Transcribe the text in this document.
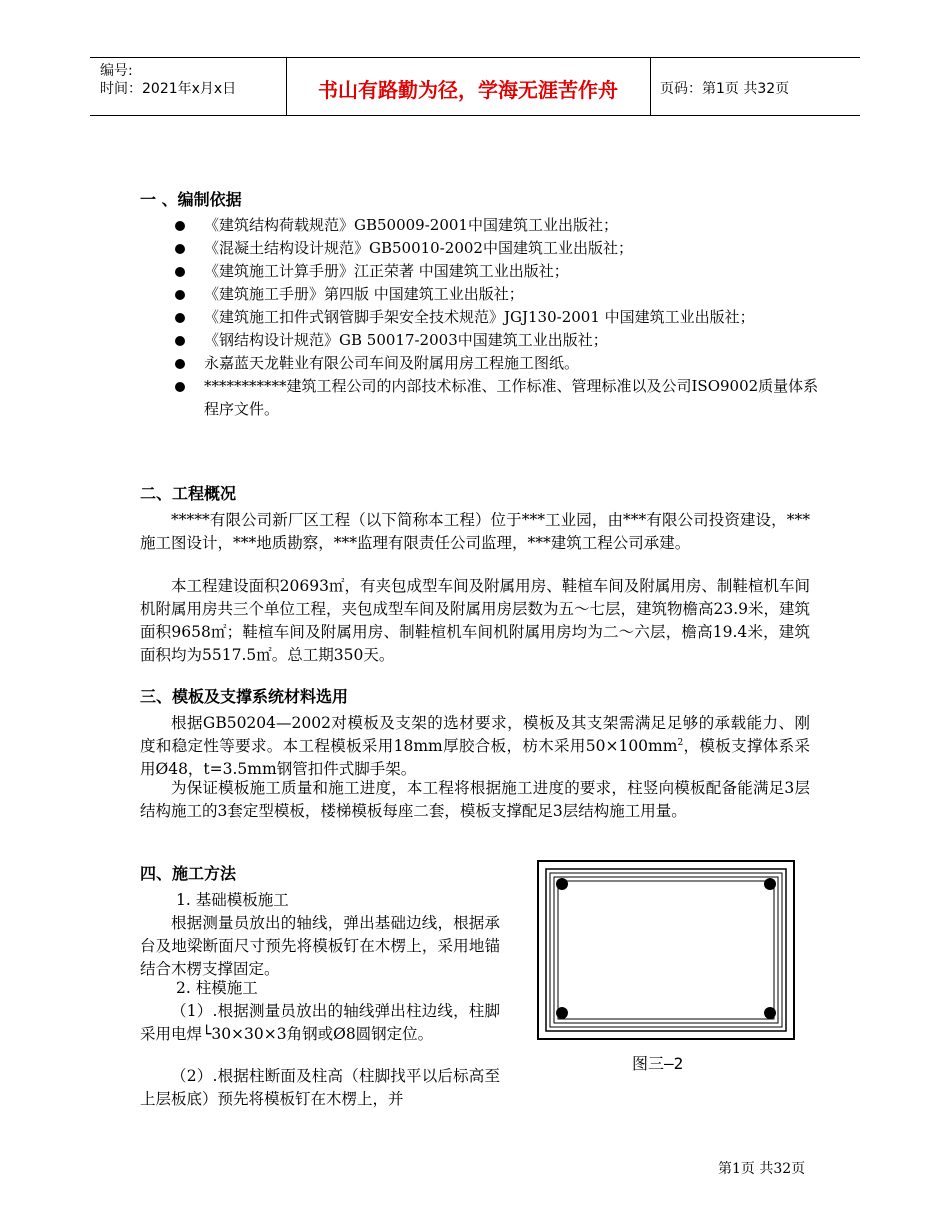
编号:
时间：2021年x月x日	书山有路勤为径，学海无涯苦作舟	页码：第1页 共32页
一 、编制依据
《建筑结构荷载规范》GB50009-2001中国建筑工业出版社；
《混凝土结构设计规范》GB50010-2002中国建筑工业出版社；
《建筑施工计算手册》江正荣著 中国建筑工业出版社；
《建筑施工手册》第四版 中国建筑工业出版社；
《建筑施工扣件式钢管脚手架安全技术规范》JGJ130-2001 中国建筑工业出版社；
《钢结构设计规范》GB 50017-2003中国建筑工业出版社；
永嘉蓝天龙鞋业有限公司车间及附属用房工程施工图纸。
***********建筑工程公司的内部技术标准、工作标准、管理标准以及公司ISO9002质量体系程序文件。
二、工程概况

*****有限公司新厂区工程（以下简称本工程）位于***工业园，由***有限公司投资建设，***施工图设计，***地质勘察，***监理有限责任公司监理，***建筑工程公司承建。

本工程建设面积20693㎡，有夹包成型车间及附属用房、鞋楦车间及附属用房、制鞋楦机车间机附属用房共三个单位工程，夹包成型车间及附属用房层数为五～七层，建筑物檐高23.9米，建筑面积9658㎡；鞋楦车间及附属用房、制鞋楦机车间机附属用房均为二～六层，檐高19.4米，建筑面积均为5517.5㎡。总工期350天。

三、模板及支撑系统材料选用

根据GB50204—2002对模板及支架的选材要求，模板及其支架需满足足够的承载能力、刚度和稳定性等要求。本工程模板采用18mm厚胶合板，枋木采用$50\times 100mm^2$，模板支撑体系采用Ø48，t=3.5mm钢管扣件式脚手架。

为保证模板施工质量和施工进度，本工程将根据施工进度的要求，柱竖向模板配备能满足3层结构施工的3套定型模板，楼梯模板每座二套，模板支撑配足3层结构施工用量。

四、施工方法

1. 基础模板施工

根据测量员放出的轴线，弹出基础边线，根据承台及地梁断面尺寸预先将模板钉在木楞上，采用地锚结合木楞支撑固定。

2. 柱模施工

（1）.根据测量员放出的轴线弹出柱边线，柱脚采用电焊└30×30×3角钢或Ø8圆钢定位。

（2）.根据柱断面及柱高（柱脚找平以后标高至上层板底）预先将模板钉在木楞上，并

图三—2
第1页 共32页
